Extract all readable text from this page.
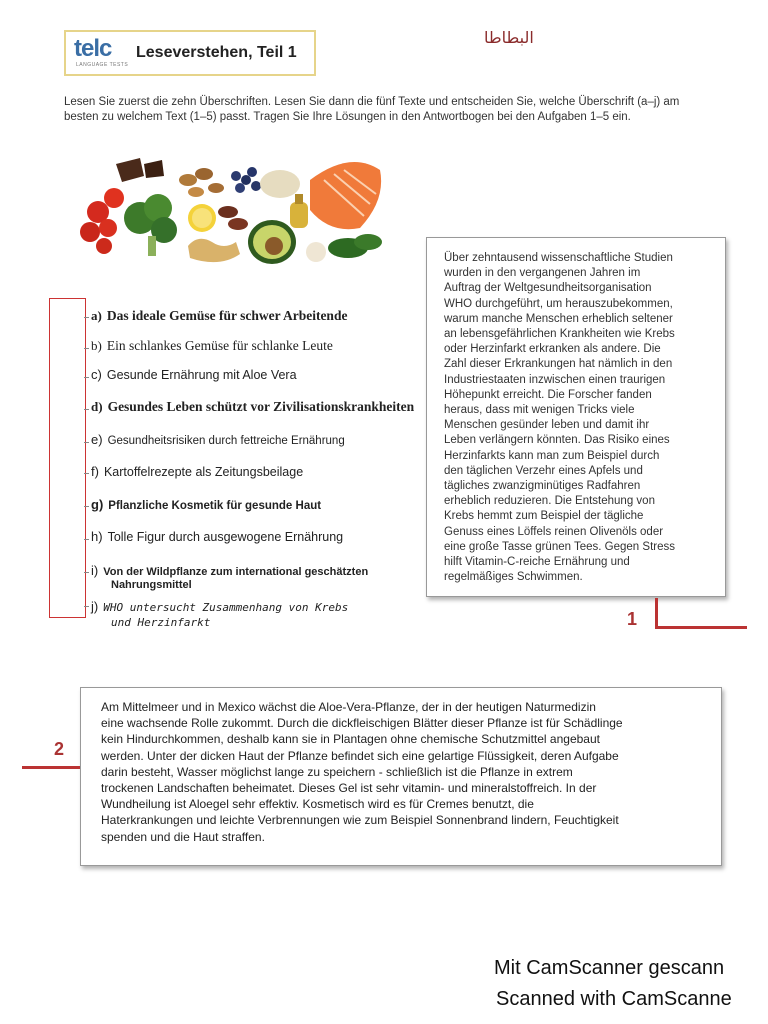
telc
LANGUAGE TESTS
Leseverstehen, Teil 1
البطاطا
Lesen Sie zuerst die zehn Überschriften. Lesen Sie dann die fünf Texte und entscheiden Sie, welche Überschrift (a–j) am besten zu welchem Text (1–5) passt. Tragen Sie Ihre Lösungen in den Antwortbogen bei den Aufgaben 1–5 ein.
a) Das ideale Gemüse für schwer Arbeitende
b) Ein schlankes Gemüse für schlanke Leute
c) Gesunde Ernährung mit Aloe Vera
d) Gesundes Leben schützt vor Zivilisationskrankheiten
e) Gesundheitsrisiken durch fettreiche Ernährung
f) Kartoffelrezepte als Zeitungsbeilage
g) Pflanzliche Kosmetik für gesunde Haut
h) Tolle Figur durch ausgewogene Ernährung
i) Von der Wildpflanze zum international geschätzten
Nahrungsmittel
j) WHO untersucht Zusammenhang von Krebs
und Herzinfarkt
Über zehntausend wissenschaftliche Studien
wurden in den vergangenen Jahren im
Auftrag der Weltgesundheitsorganisation
WHO durchgeführt, um herauszubekommen,
warum manche Menschen erheblich seltener
an lebensgefährlichen Krankheiten wie Krebs
oder Herzinfarkt erkranken als andere. Die
Zahl dieser Erkrankungen hat nämlich in den
Industriestaaten inzwischen einen traurigen
Höhepunkt erreicht. Die Forscher fanden
heraus, dass mit wenigen Tricks viele
Menschen gesünder leben und damit ihr
Leben verlängern könnten. Das Risiko eines
Herzinfarkts kann man zum Beispiel durch
den täglichen Verzehr eines Apfels und
tägliches zwanzigminütiges Radfahren
erheblich reduzieren. Die Entstehung von
Krebs hemmt zum Beispiel der tägliche
Genuss eines Löffels reinen Olivenöls oder
eine große Tasse grünen Tees. Gegen Stress
hilft Vitamin-C-reiche Ernährung und
regelmäßiges Schwimmen.
1
Am Mittelmeer und in Mexico wächst die Aloe-Vera-Pflanze, der in der heutigen Naturmedizin
eine wachsende Rolle zukommt. Durch die dickfleischigen Blätter dieser Pflanze ist für Schädlinge
kein Hindurchkommen, deshalb kann sie in Plantagen ohne chemische Schutzmittel angebaut
werden. Unter der dicken Haut der Pflanze befindet sich eine gelartige Flüssigkeit, deren Aufgabe
darin besteht, Wasser möglichst lange zu speichern - schließlich ist die Pflanze in extrem
trockenen Landschaften beheimatet. Dieses Gel ist sehr vitamin- und mineralstoffreich. In der
Wundheilung ist Aloegel sehr effektiv. Kosmetisch wird es für Cremes benutzt, die
Haterkrankungen und leichte Verbrennungen wie zum Beispiel Sonnenbrand lindern, Feuchtigkeit
spenden und die Haut straffen.
2
Mit CamScanner gescann
Scanned with CamScanne
